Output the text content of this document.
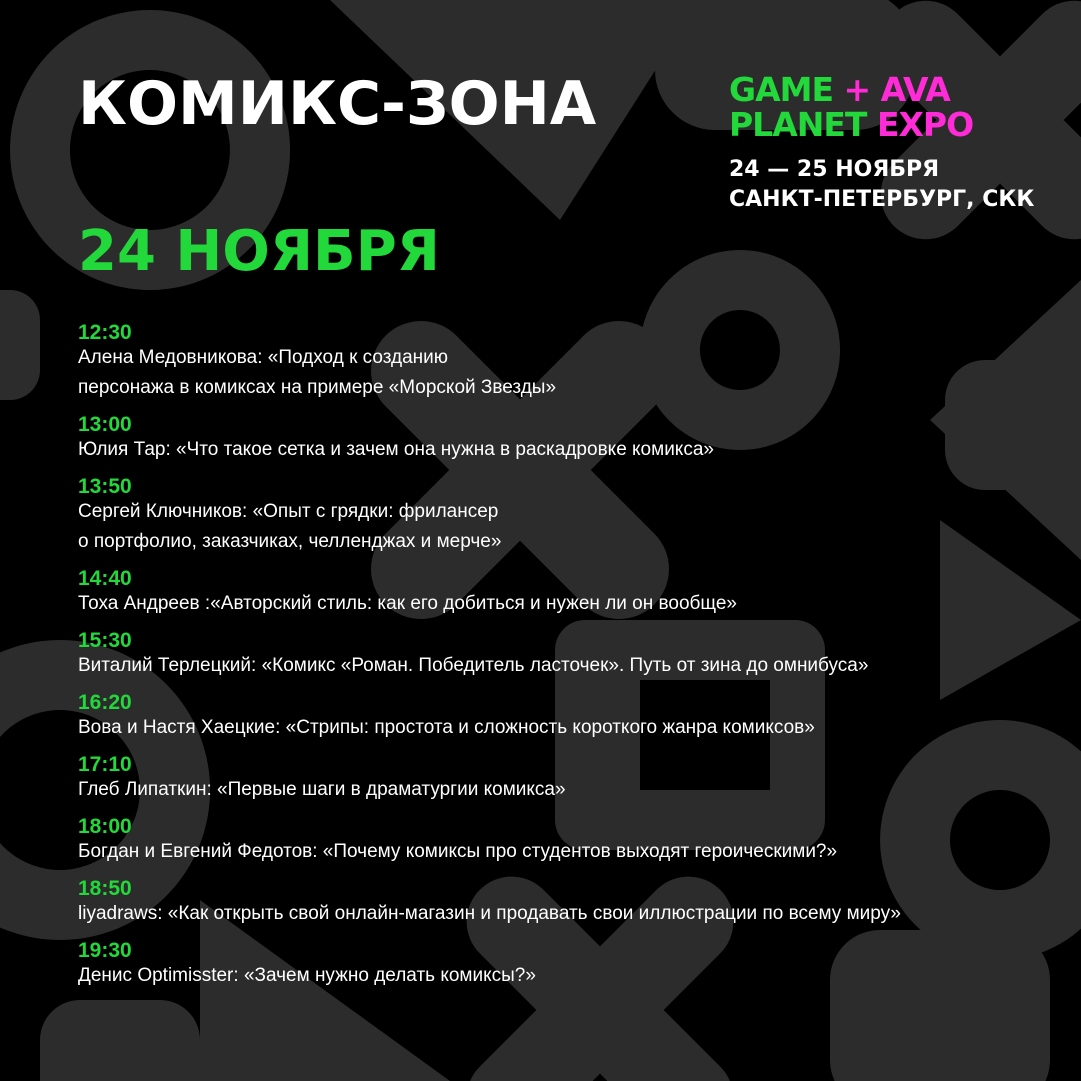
КОМИКС-ЗОНА	GAME + AVA
PLANET EXPO
24 — 25 НОЯБРЯ
САНКТ-ПЕТЕРБУРГ, СКК
24 НОЯБРЯ
12:30
Алена Медовникова: «Подход к созданию
персонажа в комиксах на примере «Морской Звезды»
13:00
Юлия Тар: «Что такое сетка и зачем она нужна в раскадровке комикса»
13:50
Сергей Ключников: «Опыт с грядки: фрилансер
о портфолио, заказчиках, челленджах и мерче»
14:40
Тоха Андреев :«Авторский стиль: как его добиться и нужен ли он вообще»
15:30
Виталий Терлецкий: «Комикс «Роман. Победитель ласточек». Путь от зина до омнибуса»
16:20
Вова и Настя Хаецкие: «Стрипы: простота и сложность короткого жанра комиксов»
17:10
Глеб Липаткин: «Первые шаги в драматургии комикса»
18:00
Богдан и Евгений Федотов: «Почему комиксы про студентов выходят героическими?»
18:50
liyadraws: «Как открыть свой онлайн-магазин и продавать свои иллюстрации по всему миру»
19:30
Денис Optimisster: «Зачем нужно делать комиксы?»
